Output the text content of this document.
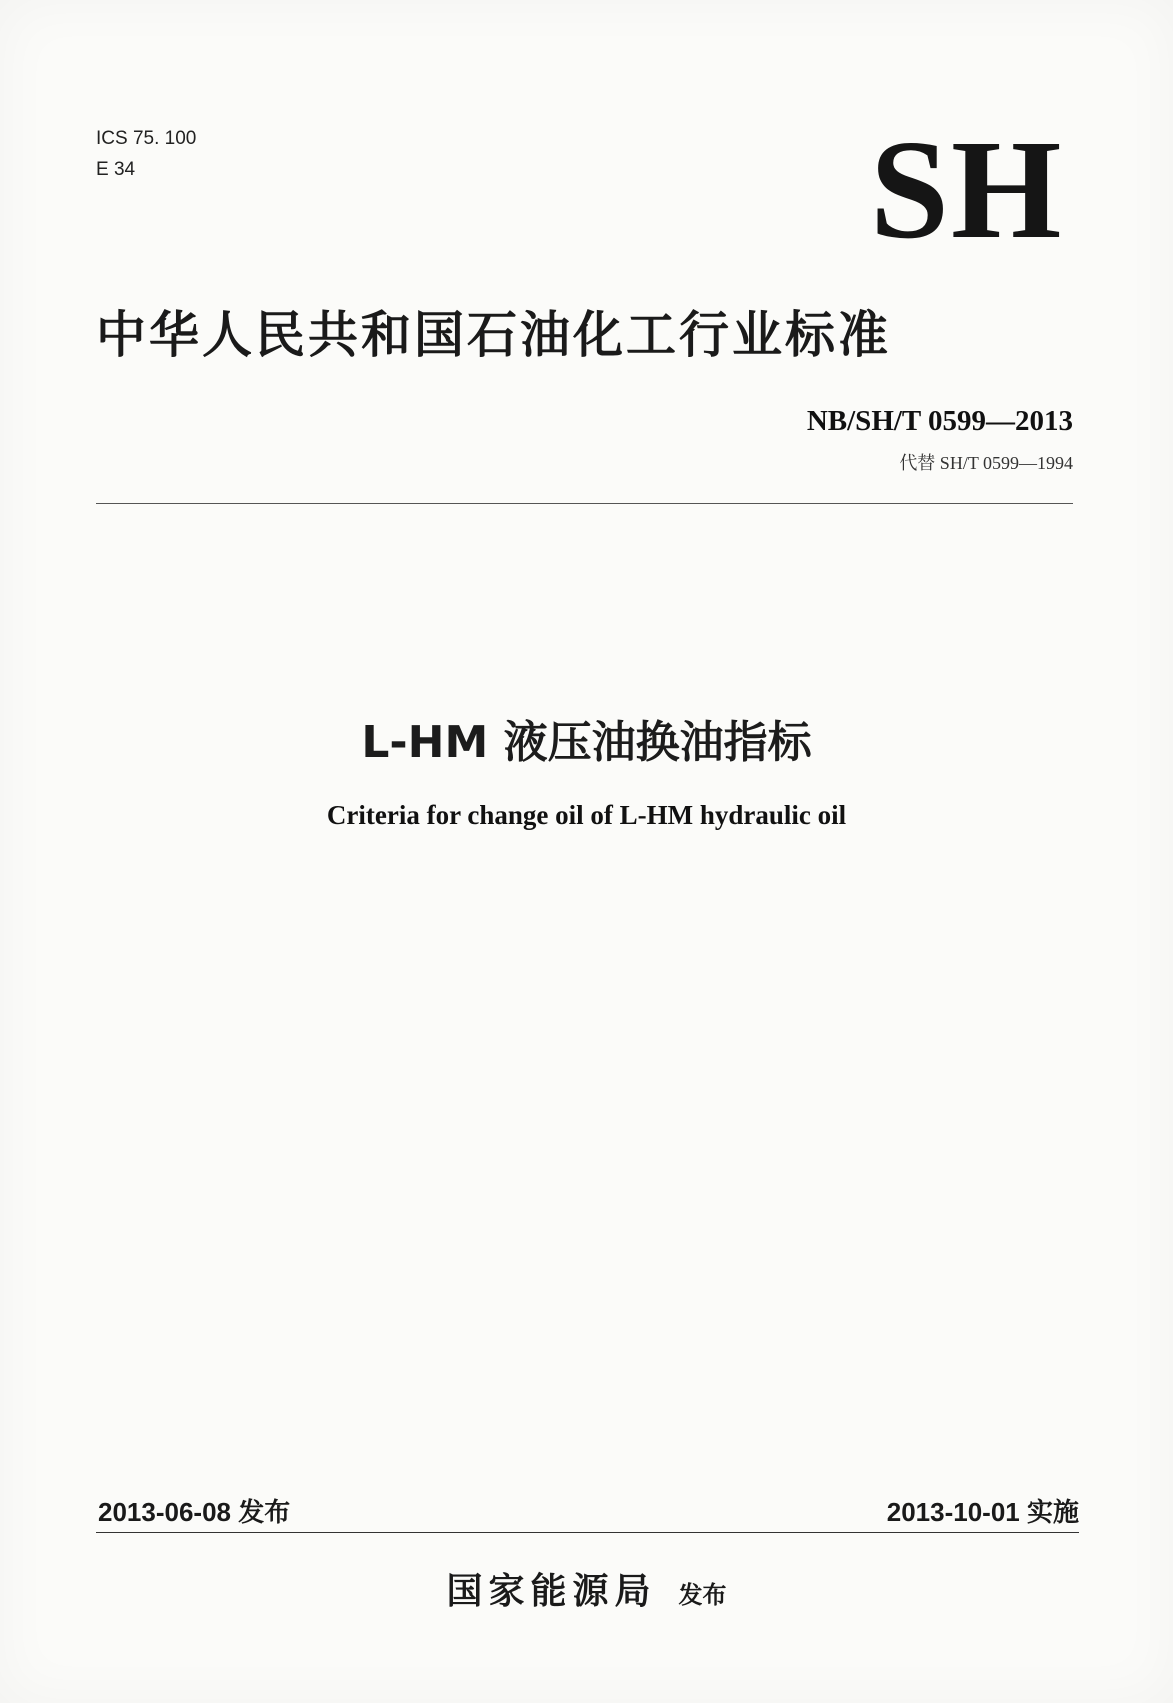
ICS 75. 100
E 34	SH
中华人民共和国石油化工行业标准
NB/SH/T 0599—2013
代替 SH/T 0599—1994
L-HM 液压油换油指标
Criteria for change oil of L-HM hydraulic oil
2013-06-08 发布	2013-10-01 实施
国家能源局 发布
